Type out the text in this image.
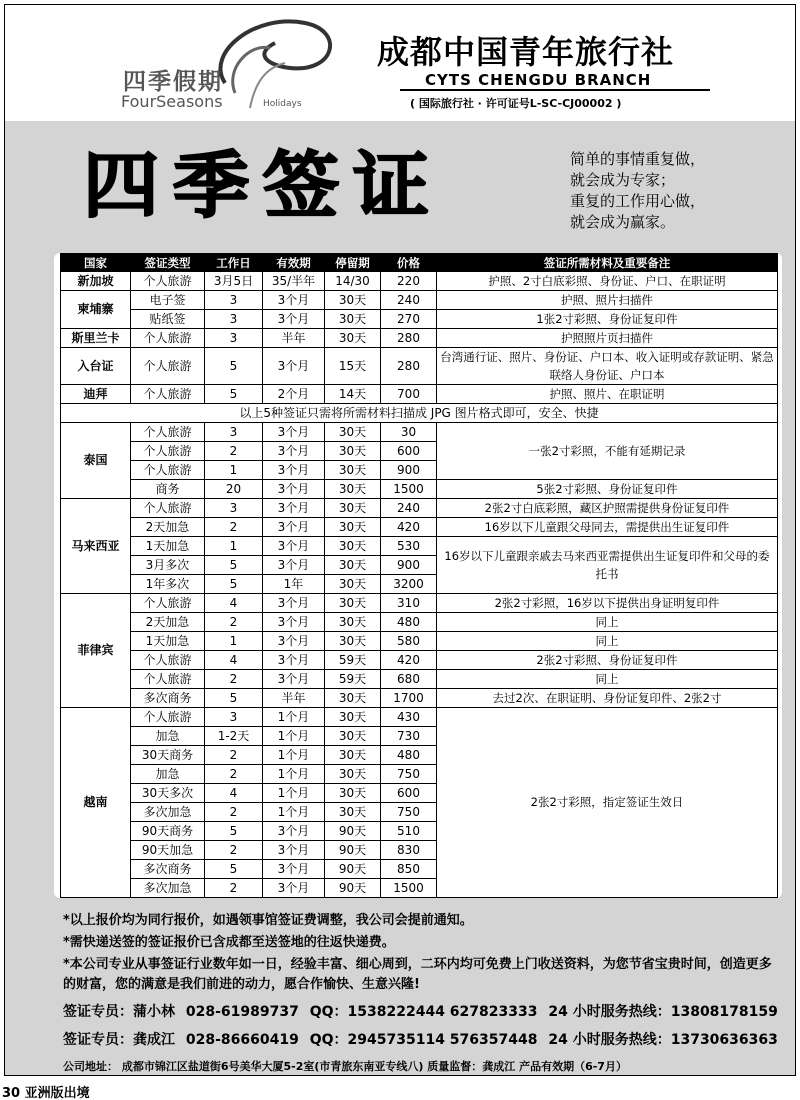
四季假期
FourSeasons	Holidays
成都中国青年旅行社
CYTS CHENGDU BRANCH
( 国际旅行社 · 许可证号L-SC-CJ00002 )
四季签证	简单的事情重复做，
就会成为专家；
重复的工作用心做，
就会成为赢家。
国家	签证类型	工作日	有效期	停留期	价格	签证所需材料及重要备注
新加坡	个人旅游	3月5日	35/半年	14/30	220	护照、2寸白底彩照、身份证、户口、在职证明
柬埔寨	电子签	3	3个月	30天	240	护照、照片扫描件
	贴纸签	3	3个月	30天	270	1张2寸彩照、身份证复印件
斯里兰卡	个人旅游	3	半年	30天	280	护照照片页扫描件
入台证	个人旅游	5	3个月	15天	280	台湾通行证、照片、身份证、户口本、收入证明或存款证明、紧急联络人身份证、户口本
迪拜	个人旅游	5	2个月	14天	700	护照、照片、在职证明
以上5种签证只需将所需材料扫描成 JPG 图片格式即可，安全、快捷						
泰国	个人旅游	3	3个月	30天	30	一张2寸彩照，不能有延期记录
	个人旅游	2	3个月	30天	600	
	个人旅游	1	3个月	30天	900	
	商务	20	3个月	30天	1500	5张2寸彩照、身份证复印件
马来西亚	个人旅游	3	3个月	30天	240	2张2寸白底彩照，藏区护照需提供身份证复印件
	2天加急	2	3个月	30天	420	16岁以下儿童跟父母同去，需提供出生证复印件
	1天加急	1	3个月	30天	530	16岁以下儿童跟亲戚去马来西亚需提供出生证复印件和父母的委托书
	3月多次	5	3个月	30天	900	
	1年多次	5	1年	30天	3200	
菲律宾	个人旅游	4	3个月	30天	310	2张2寸彩照，16岁以下提供出身证明复印件
	2天加急	2	3个月	30天	480	同上
	1天加急	1	3个月	30天	580	同上
	个人旅游	4	3个月	59天	420	2张2寸彩照、身份证复印件
	个人旅游	2	3个月	59天	680	同上
	多次商务	5	半年	30天	1700	去过2次、在职证明、身份证复印件、2张2寸
越南	个人旅游	3	1个月	30天	430	2张2寸彩照，指定签证生效日
	加急	1-2天	1个月	30天	730	
	30天商务	2	1个月	30天	480	
	加急	2	1个月	30天	750	
	30天多次	4	1个月	30天	600	
	多次加急	2	1个月	30天	750	
	90天商务	5	3个月	90天	510	
	90天加急	2	3个月	90天	830	
	多次商务	5	3个月	90天	850	
	多次加急	2	3个月	90天	1500	

*以上报价均为同行报价，如遇领事馆签证费调整，我公司会提前通知。

*需快递送签的签证报价已含成都至送签地的往返快递费。

*本公司专业从事签证行业数年如一日，经验丰富、细心周到，二环内均可免费上门收送资料，为您节省宝贵时间，创造更多的财富，您的满意是我们前进的动力，愿合作愉快、生意兴隆!

签证专员：蒲小林 028-61989737 QQ：1538222444 627823333 24 小时服务热线：13808178159
签证专员：龚成江 028-86660419 QQ：2945735114 576357448 24 小时服务热线：13730636363
公司地址： 成都市锦江区盐道街6号美华大厦5-2室(市青旅东南亚专线八) 质量监督：龚成江 产品有效期（6-7月）
30 亚洲版出境
